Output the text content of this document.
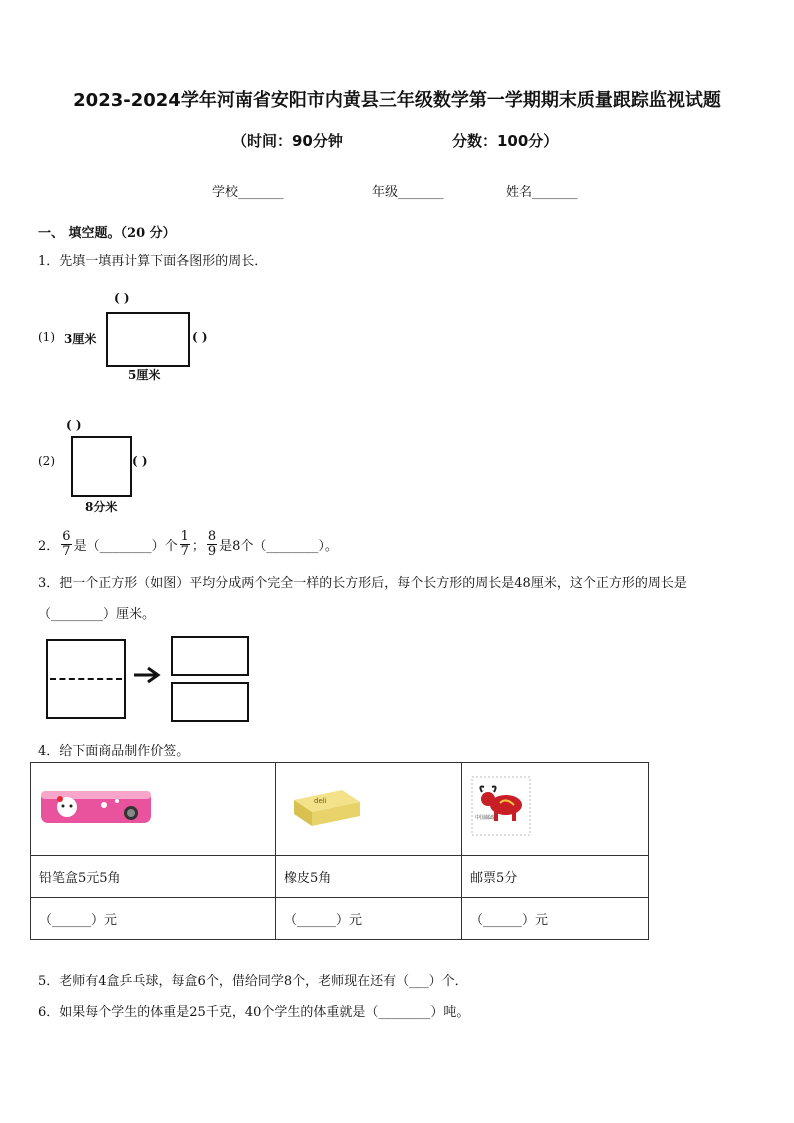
2023-2024学年河南省安阳市内黄县三年级数学第一学期期末质量跟踪监视试题
（时间：90分钟	分数：100分）
学校_______	年级_______	姓名_______
一、 填空题。（20 分）
1．先填一填再计算下面各图形的周长．
(1) 3厘米
( )
( )
5厘米
(2)
( )
( )
8分米
2． $\frac{6}{7}$ 是（________）个 $\frac{1}{7}$ ； $\frac{8}{9}$ 是8个（________）。
3．把一个正方形（如图）平均分成两个完全一样的长方形后，每个长方形的周长是48厘米，这个正方形的周长是
（________）厘米。
4．给下面商品制作价签。

deli	中国邮政

铅笔盒5元5角	橡皮5角	邮票5分
（______）元	（______）元	（______）元
5．老师有4盒乒乓球，每盒6个，借给同学8个，老师现在还有（___）个．
6．如果每个学生的体重是25千克，40个学生的体重就是（________）吨。
